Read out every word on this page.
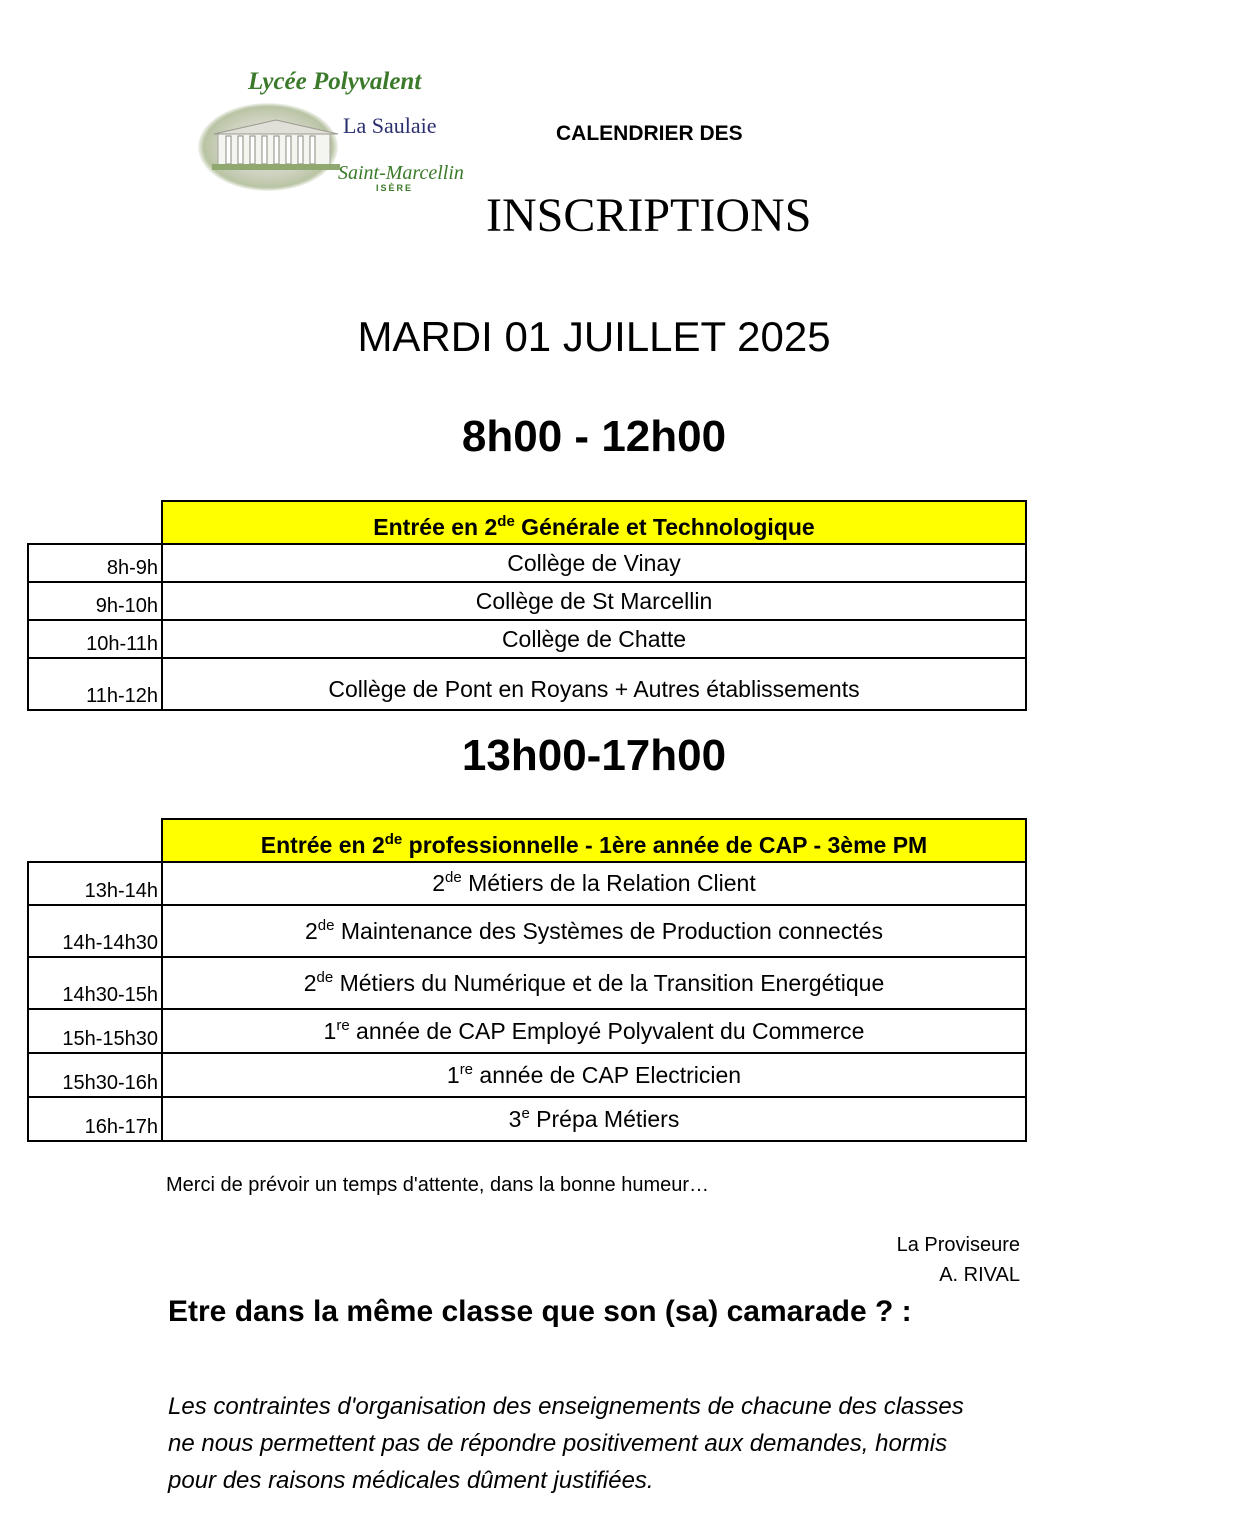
Lycée Polyvalent
La Saulaie
Saint-Marcellin
ISÈRE
CALENDRIER DES
INSCRIPTIONS
MARDI 01 JUILLET 2025
8h00 - 12h00
	Entrée en 2de Générale et Technologique
8h-9h	Collège de Vinay
9h-10h	Collège de St Marcellin
10h-11h	Collège de Chatte
11h-12h	Collège de Pont en Royans + Autres établissements
13h00-17h00
	Entrée en 2de professionnelle - 1ère année de CAP - 3ème PM
13h-14h	2de Métiers de la Relation Client
14h-14h30	2de Maintenance des Systèmes de Production connectés
14h30-15h	2de Métiers du Numérique et de la Transition Energétique
15h-15h30	1re année de CAP Employé Polyvalent du Commerce
15h30-16h	1re année de CAP Electricien
16h-17h	3e Prépa Métiers
Merci de prévoir un temps d'attente, dans la bonne humeur…
La Proviseure
A. RIVAL
Etre dans la même classe que son (sa) camarade ? :
Les contraintes d'organisation des enseignements de chacune des classes ne nous permettent pas de répondre positivement aux demandes, hormis pour des raisons médicales dûment justifiées.
